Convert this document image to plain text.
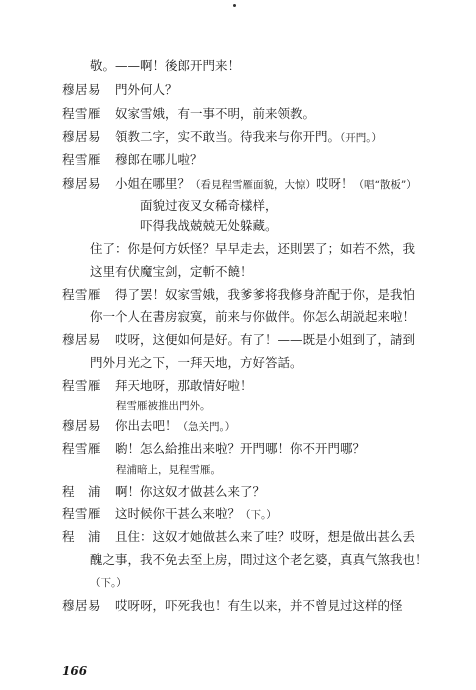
敬。——啊！後郎开門来！
穆居易	門外何人？
程雪雁	奴家雪娥，有一事不明，前来领教。
穆居易	領教二字，实不敢当。待我来与你开門。（开門。）
程雪雁	穆郎在哪儿啦？
穆居易	小姐在哪里？（看見程雪雁面貌，大惊）哎呀！（唱“散板”）
面貌过夜叉女稀奇樣样，
吓得我战兢兢无处躲藏。
住了：你是何方妖怪？早早走去，还則罢了；如若不然，我
这里有伏魔宝剑，定斬不饒！
程雪雁	得了罢！奴家雪娥，我爹爹将我修身許配于你，是我怕
你一个人在書房寂寞，前来与你做伴。你怎么胡説起来啦！
穆居易	哎呀，这便如何是好。有了！——既是小姐到了，請到
門外月光之下，一拜天地，方好答話。
程雪雁	拜天地呀，那敢情好啦！
程雪雁被推出門外。
穆居易	你出去吧！（急关門。）
程雪雁	喲！怎么給推出来啦？开門哪！你不开門哪？
程浦暗上，見程雪雁。
程　浦	啊！你这奴才做甚么来了？
程雪雁	这时候你干甚么来啦？（下。）
程　浦	且住：这奴才她做甚么来了哇？哎呀，想是做出甚么丢
醜之事，我不免去至上房，問过这个老乞婆，真真气煞我也！
（下。）
穆居易	哎呀呀，吓死我也！有生以来，并不曾見过这样的怪
166
